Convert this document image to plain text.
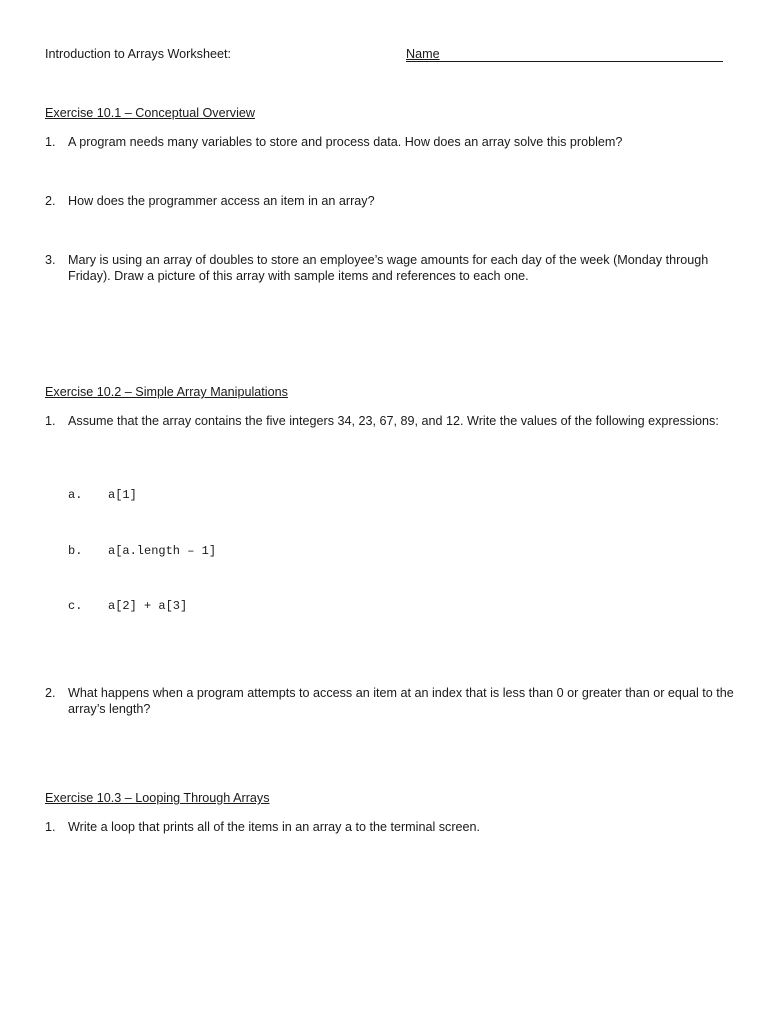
Introduction to Arrays Worksheet:	Name
Exercise 10.1 – Conceptual Overview
1. A program needs many variables to store and process data. How does an array solve this problem?
2. How does the programmer access an item in an array?
3. Mary is using an array of doubles to store an employee’s wage amounts for each day of the week (Monday through Friday). Draw a picture of this array with sample items and references to each one.
Exercise 10.2 – Simple Array Manipulations
1. Assume that the array contains the five integers 34, 23, 67, 89, and 12. Write the values of the following expressions:
a. a[1]
b. a[a.length – 1]
c. a[2] + a[3]
2. What happens when a program attempts to access an item at an index that is less than 0 or greater than or equal to the array’s length?
Exercise 10.3 – Looping Through Arrays
1. Write a loop that prints all of the items in an array a to the terminal screen.
